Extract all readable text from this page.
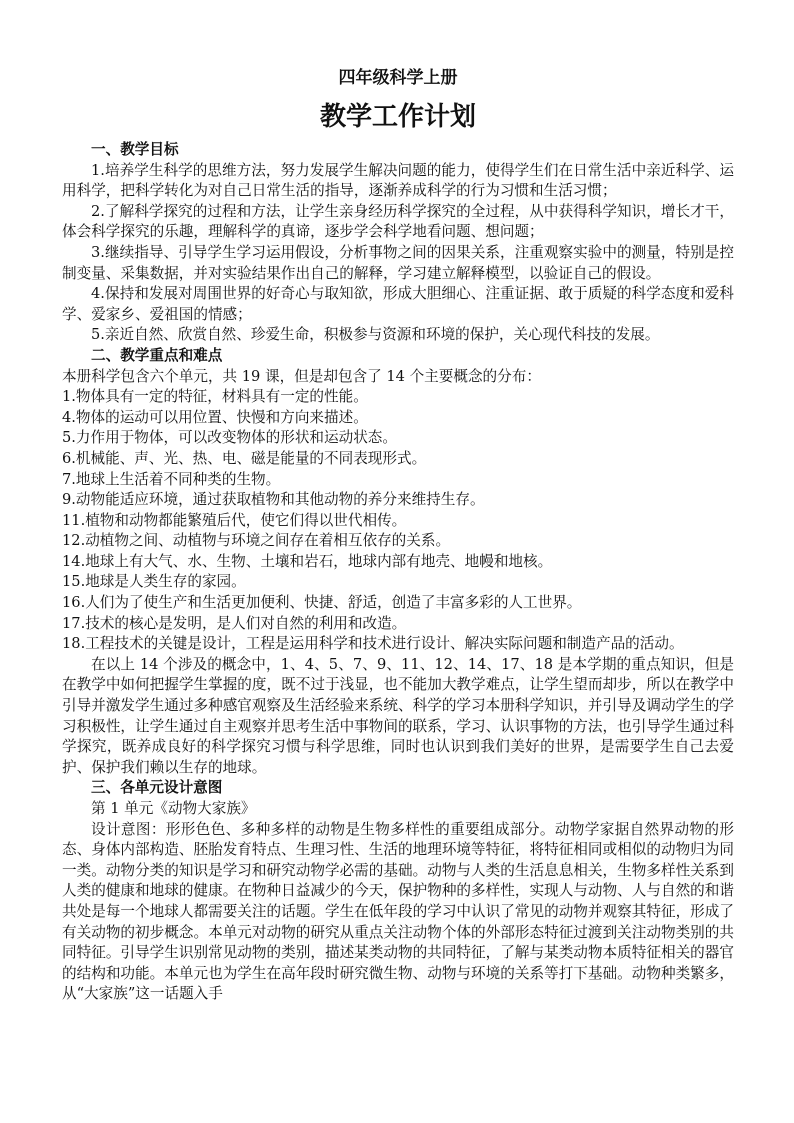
四年级科学上册

教学工作计划

一、教学目标

1.培养学生科学的思维方法，努力发展学生解决问题的能力，使得学生们在日常生活中亲近科学、运用科学，把科学转化为对自己日常生活的指导，逐渐养成科学的行为习惯和生活习惯；

2.了解科学探究的过程和方法，让学生亲身经历科学探究的全过程，从中获得科学知识，增长才干，体会科学探究的乐趣，理解科学的真谛，逐步学会科学地看问题、想问题；

3.继续指导、引导学生学习运用假设，分析事物之间的因果关系，注重观察实验中的测量，特别是控制变量、采集数据，并对实验结果作出自己的解释，学习建立解释模型，以验证自己的假设。

4.保持和发展对周围世界的好奇心与取知欲，形成大胆细心、注重证据、敢于质疑的科学态度和爱科学、爱家乡、爱祖国的情感；

5.亲近自然、欣赏自然、珍爱生命，积极参与资源和环境的保护，关心现代科技的发展。

二、教学重点和难点

本册科学包含六个单元，共 19 课，但是却包含了 14 个主要概念的分布：

1.物体具有一定的特征，材料具有一定的性能。

4.物体的运动可以用位置、快慢和方向来描述。

5.力作用于物体，可以改变物体的形状和运动状态。

6.机械能、声、光、热、电、磁是能量的不同表现形式。

7.地球上生活着不同种类的生物。

9.动物能适应环境，通过获取植物和其他动物的养分来维持生存。

11.植物和动物都能繁殖后代，使它们得以世代相传。

12.动植物之间、动植物与环境之间存在着相互依存的关系。

14.地球上有大气、水、生物、土壤和岩石，地球内部有地壳、地幔和地核。

15.地球是人类生存的家园。

16.人们为了使生产和生活更加便利、快捷、舒适，创造了丰富多彩的人工世界。

17.技术的核心是发明，是人们对自然的利用和改造。

18.工程技术的关键是设计，工程是运用科学和技术进行设计、解决实际问题和制造产品的活动。

在以上 14 个涉及的概念中，1、4、5、7、9、11、12、14、17、18 是本学期的重点知识，但是在教学中如何把握学生掌握的度，既不过于浅显，也不能加大教学难点，让学生望而却步，所以在教学中引导并激发学生通过多种感官观察及生活经验来系统、科学的学习本册科学知识，并引导及调动学生的学习积极性，让学生通过自主观察并思考生活中事物间的联系，学习、认识事物的方法，也引导学生通过科学探究，既养成良好的科学探究习惯与科学思维，同时也认识到我们美好的世界，是需要学生自己去爱护、保护我们赖以生存的地球。

三、各单元设计意图

第 1 单元《动物大家族》

设计意图：形形色色、多种多样的动物是生物多样性的重要组成部分。动物学家据自然界动物的形态、身体内部构造、胚胎发育特点、生理习性、生活的地理环境等特征，将特征相同或相似的动物归为同一类。动物分类的知识是学习和研究动物学必需的基础。动物与人类的生活息息相关，生物多样性关系到人类的健康和地球的健康。在物种日益减少的今天，保护物种的多样性，实现人与动物、人与自然的和谐共处是每一个地球人都需要关注的话题。学生在低年段的学习中认识了常见的动物并观察其特征，形成了有关动物的初步概念。本单元对动物的研究从重点关注动物个体的外部形态特征过渡到关注动物类别的共同特征。引导学生识别常见动物的类别，描述某类动物的共同特征，了解与某类动物本质特征相关的器官的结构和功能。本单元也为学生在高年段时研究微生物、动物与环境的关系等打下基础。动物种类繁多，从“大家族”这一话题入手
